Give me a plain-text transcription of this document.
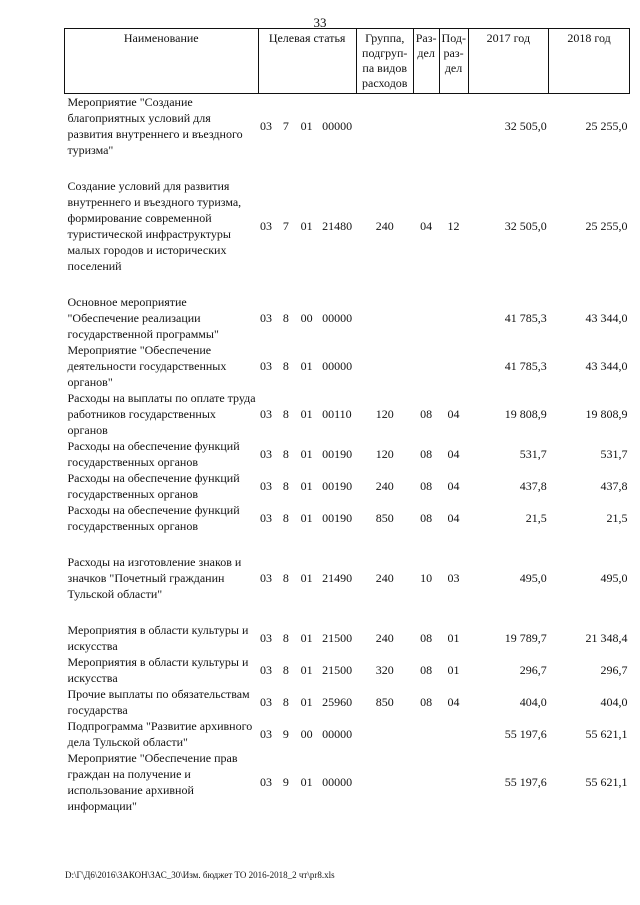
33
Наименование	Целевая статья				Группа, подгруп-па видов расходов	Раз-дел	Под-раз-дел	2017 год	2018 год
Мероприятие "Создание благоприятных условий для развития внутреннего и въездного туризма"	03	7	01	00000				32 505,0	25 255,0

Создание условий для развития внутреннего и въездного туризма, формирование современной туристической инфраструктуры малых городов и исторических поселений	03	7	01	21480	240	04	12	32 505,0	25 255,0

Основное мероприятие "Обеспечение реализации государственной программы"	03	8	00	00000				41 785,3	43 344,0
Мероприятие "Обеспечение деятельности государственных органов"	03	8	01	00000				41 785,3	43 344,0
Расходы на выплаты по оплате труда работников государственных органов	03	8	01	00110	120	08	04	19 808,9	19 808,9
Расходы на обеспечение функций государственных органов	03	8	01	00190	120	08	04	531,7	531,7
Расходы на обеспечение функций государственных органов	03	8	01	00190	240	08	04	437,8	437,8
Расходы на обеспечение функций государственных органов	03	8	01	00190	850	08	04	21,5	21,5

Расходы на изготовление знаков и значков "Почетный гражданин Тульской области"	03	8	01	21490	240	10	03	495,0	495,0

Мероприятия в области культуры и искусства	03	8	01	21500	240	08	01	19 789,7	21 348,4
Мероприятия в области культуры и искусства	03	8	01	21500	320	08	01	296,7	296,7
Прочие выплаты по обязательствам государства	03	8	01	25960	850	08	04	404,0	404,0
Подпрограмма "Развитие архивного дела Тульской области"	03	9	00	00000				55 197,6	55 621,1
Мероприятие "Обеспечение прав граждан на получение и использование архивной информации"	03	9	01	00000				55 197,6	55 621,1
D:\Г\Д6\2016\ЗАКОН\ЗАС_30\Изм. бюджет ТО 2016-2018_2 чт\pr8.xls
